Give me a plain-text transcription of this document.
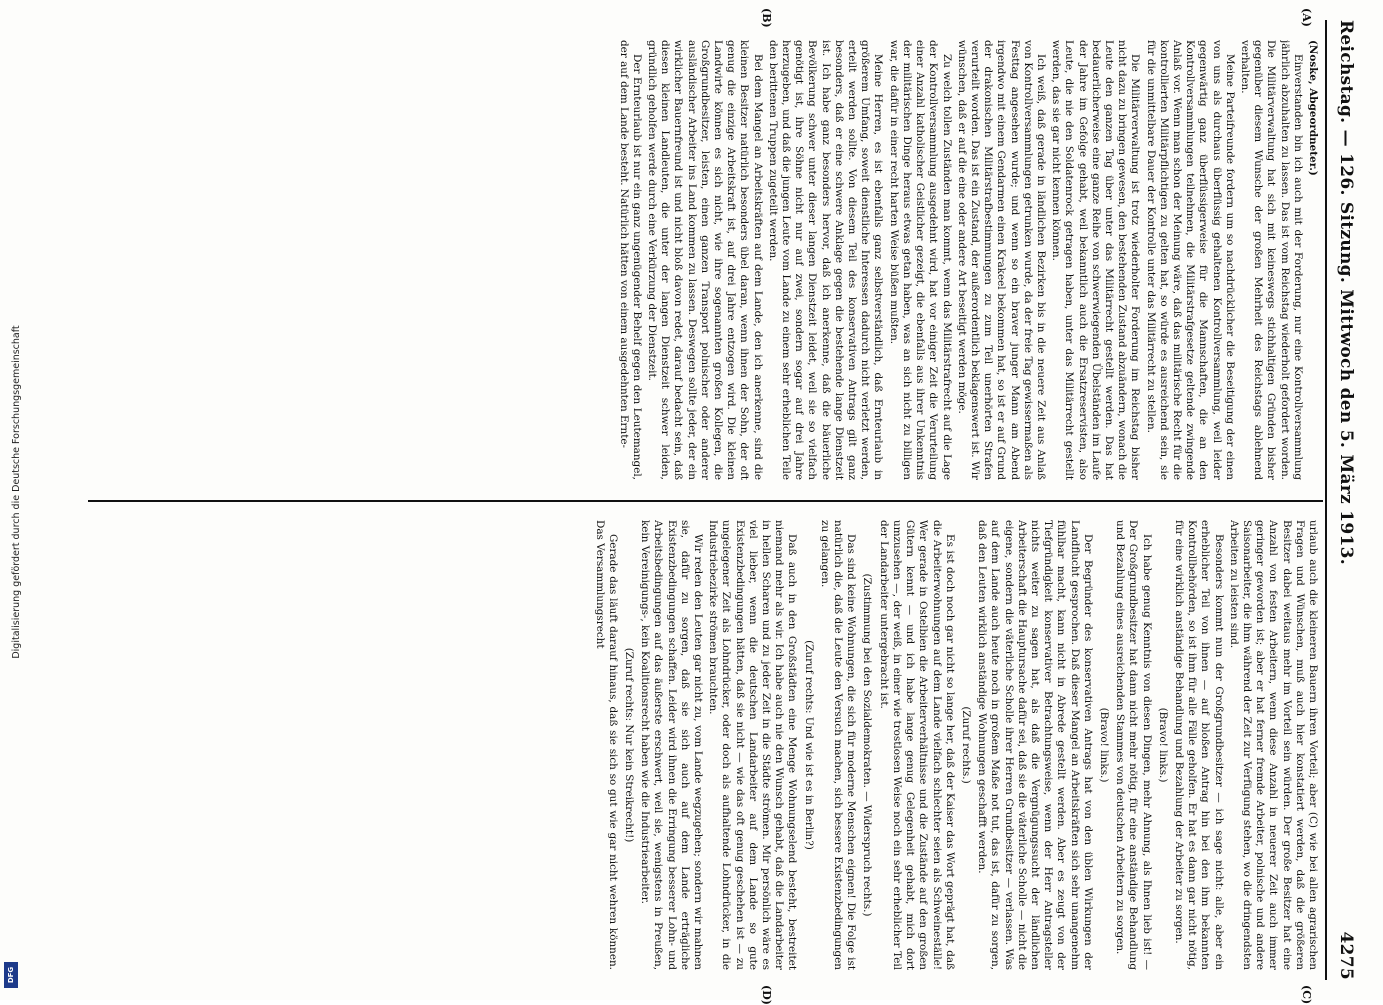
Digitalisierung gefördert durch die Deutsche Forschungsgemeinschaft
DFG
Reichstag. — 126. Sitzung. Mittwoch den 5. März 1913.
4275
(A)
(B)
(C)
(D)

(Noske, Abgeordneter.)

Einverstanden bin ich auch mit der Forderung, nur eine Kontrollversammlung jährlich abzuhalten zu lassen. Das ist vom Reichstag wiederholt gefordert worden. Die Militärverwaltung hat sich mit keineswegs stichhaltigen Gründen bisher gegenüber diesem Wunsche der großen Mehrheit des Reichstags ablehnend verhalten.

Meine Parteifreunde fordern um so nachdrücklicher die Beseitigung der einen von uns als durchaus überflüssig gehaltenen Kontrollversammlung, weil leider gegenwärtig ganz überflüssigerweise für die Mannschaften, die an den Kontrollversammlungen teilnehmen, die Militärstrafgesetze geltende zwingende Anlaß vor. Wenn man schon der Meinung wäre, daß das militärische Recht für die kontrollierten Militärpflichtigen zu gelten hat, so würde es ausreichend sein, sie für die unmittelbare Dauer der Kontrolle unter das Militärrecht zu stellen.

Die Militärverwaltung ist trotz wiederholter Forderung im Reichstag bisher nicht dazu zu bringen gewesen, den bestehenden Zustand abzuändern, wonach die Leute den ganzen Tag über unter das Militärrecht gestellt werden. Das hat bedauerlicherweise eine ganze Reihe von schwerwiegenden Übelständen im Laufe der Jahre im Gefolge gehabt, weil bekanntlich auch die Ersatzreservisten, also Leute, die nie den Soldatenrock getragen haben, unter das Militärrecht gestellt werden, das sie gar nicht kennen können.

Ich weiß, daß gerade in ländlichen Bezirken bis in die neuere Zeit aus Anlaß von Kontrollversammlungen getrunken wurde, da der freie Tag gewissermaßen als Festtag angesehen wurde; und wenn so ein braver junger Mann am Abend irgendwo mit einem Gendarmen einen Krakeel bekommen hat, so ist er auf Grund der drakonischen Militärstrafbestimmungen zu zum Teil unerhörten Strafen verurteilt worden. Das ist ein Zustand, der außerordentlich beklagenswert ist. Wir wünschen, daß er auf die eine oder andere Art beseitigt werden möge.

Zu welch tollen Zuständen man kommt, wenn das Militärstrafrecht auf die Lage der Kontrollversammlung ausgedehnt wird, hat vor einiger Zeit die Verurteilung einer Anzahl katholischer Geistlicher gezeigt, die ebenfalls aus ihrer Unkenntnis der militärischen Dinge heraus etwas getan haben, was an sich nicht zu billigen war, die dafür in einer recht harten Weise büßen mußten.

Meine Herren, es ist ebenfalls ganz selbstverständlich, daß Ernteurlaub in größerem Umfang, soweit dienstliche Interessen dadurch nicht verletzt werden, erteilt werden sollte. Von diesem Teil des konservativen Antrags gilt ganz besonders, daß er eine schwere Anklage gegen die bestehende lange Dienstzeit ist. Ich habe ganz besonders hervor, daß ich anerkenne, daß die bäuerliche Bevölkerung schwer unter dieser langen Dienstzeit leidet, weil sie so vielfach genötigt ist, ihre Söhne nicht nur auf zwei, sondern sogar auf drei Jahre herzugeben, und daß die jungen Leute vom Lande zu einem sehr erheblichen Teile den berittenen Truppen zugeteilt werden.

Bei dem Mangel an Arbeitskräften auf dem Lande, den ich anerkenne, sind die kleinen Besitzer natürlich besonders übel daran, wenn ihnen der Sohn, der oft genug die einzige Arbeitskraft ist, auf drei Jahre entzogen wird. Die kleinen Landwirte können es sich nicht, wie ihre sogenannten großen Kollegen, die Großgrundbesitzer, leisten, einen ganzen Transport polnischer oder anderer ausländischer Arbeiter ins Land kommen zu lassen. Deswegen sollte jeder, der ein wirklicher Bauernfreund ist und nicht bloß davon redet, darauf bedacht sein, daß diesen kleinen Landleuten, die unter der langen Dienstzeit schwer leiden, gründlich geholfen werde durch eine Verkürzung der Dienstzeit.

Der Ernteurlaub ist nur ein ganz ungenügender Behelf gegen den Leutemangel, der auf dem Lande besteht. Natürlich hätten von einem ausgedehnten Ernte-

urlaub auch die kleineren Bauern ihren Vorteil; aber (C) wie bei allen agrarischen Fragen und Wünschen, muß auch hier konstatiert werden, daß die größeren Besitzer dabei weitaus mehr im Vorteil sein würden. Der große Besitzer hat eine Anzahl von festen Arbeitern, wenn diese Anzahl in neuerer Zeit auch immer geringer geworden ist; aber er hat ferner fremde Arbeiter, polnische und andere Saisonarbeiter, die ihm während der Zeit zur Verfügung stehen, wo die dringendsten Arbeiten zu leisten sind.

Besonders kommt nun der Großgrundbesitzer — ich sage nicht: alle, aber ein erheblicher Teil von ihnen — auf bloßen Antrag hin bei den ihm bekannten Kontrollbehörden, so ist ihm für alle Fälle geholfen. Er hat es dann gar nicht nötig, für eine wirklich anständige Behandlung und Bezahlung der Arbeiter zu sorgen.

(Bravo! links.)

Ich habe genug Kenntnis von diesen Dingen, mehr Ahnung, als Ihnen lieb ist! — Der Großgrundbesitzer hat dann nicht mehr nötig, für eine anständige Behandlung und Bezahlung eines ausreichenden Stammes von deutschen Arbeitern zu sorgen.

(Bravo! links.)

Der Begründer des konservativen Antrags hat von den üblen Wirkungen der Landflucht gesprochen. Daß dieser Mangel an Arbeitskräften sich sehr unangenehm fühlbar macht, kann nicht in Abrede gestellt werden. Aber es zeugt von der Tiefgründigkeit konservativer Betrachtungsweise, wenn der Herr Antragsteller nichts weiter zu sagen hat, als daß die Vergnügungssucht der ländlichen Arbeiterschaft die Hauptursache dafür sei, daß sie die väterliche Scholle — nicht die eigene, sondern die väterliche Scholle ihrer Herren Grundbesitzer — verlassen. Was auf dem Lande auch heute noch in großem Maße not tut, das ist, dafür zu sorgen, daß den Leuten wirklich anständige Wohnungen geschafft werden.

(Zuruf rechts.)

Es ist doch noch gar nicht so lange her, daß der Kaiser das Wort geprägt hat, daß die Arbeiterwohnungen auf dem Lande vielfach schlechter seien als Schweineställe! Wer gerade in Ostelbien die Arbeiterverhältnisse und die Zustände auf den großen Gütern kennt — und ich habe lange genug Gelegenheit gehabt, mich dort umzusehen —, der weiß, in einer wie trostlosen Weise noch ein sehr erheblicher Teil der Landarbeiter untergebracht ist.

(Zustimmung bei den Sozialdemokraten. — Widerspruch rechts.)

Das sind keine Wohnungen, die sich für moderne Menschen eignen! Die Folge ist natürlich die, daß die Leute den Versuch machen, sich bessere Existenzbedingungen zu gelangen.

(Zuruf rechts: Und wie ist es in Berlin?)

Daß auch in den Großstädten eine Menge Wohnungselend besteht, bestreitet niemand mehr als wir. Ich habe auch nie den Wunsch gehabt, daß die Landarbeiter in hellen Scharen und zu jeder Zeit in die Städte strömen. Mir persönlich wäre es viel lieber, wenn die deutschen Landarbeiter auf dem Lande so gute Existenzbedingungen hätten, daß sie nicht — wie das oft genug geschehen ist — zu ungelegener Zeit als Lohndrücker, oder doch als aufhaltende Lohndrücker, in die Industriebezirke strömen brauchten.

Wir reden den Leuten gar nicht zu, vom Lande wegzugehen; sondern wir mahnen sie, dafür zu sorgen, daß sie sich auch auf dem Lande erträgliche Existenzbedingungen schaffen. Leider wird ihnen die Erringung besserer Lohn- und Arbeitsbedingungen auf das äußerste erschwert, weil sie, wenigstens in Preußen, kein Vereinigungs-, kein Koalitionsrecht haben wie die Industriearbeiter.

(Zuruf rechts: Nur kein Streikrecht!)

Gerade das läuft darauf hinaus, daß sie sich so gut wie gar nicht wehren können. Das Versammlungsrecht
